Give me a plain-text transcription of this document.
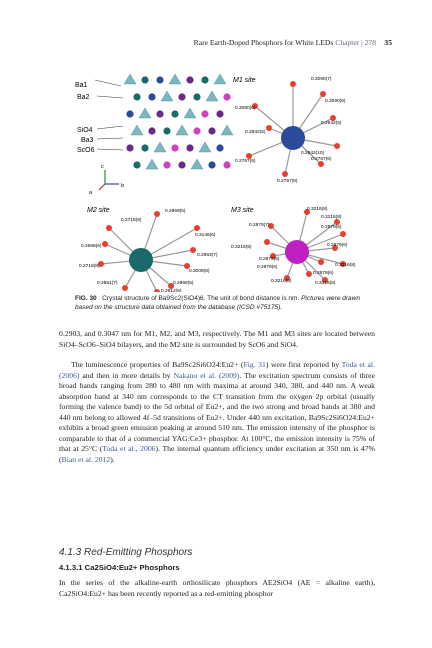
Rare Earth-Doped Phosphors for White LEDs Chapter | 278 35
Ba1
Ba2
SiO4
Ba3
ScO6
c
b
a
M1 site	0.3090(7)
0.3090(6)
0.3090(6)
0.2842(5)
0.2842(5)
0.2767(6)
0.2842(10)
0.2767(6)
0.2767(6)
M2 site	0.2969(5)
0.2718(8)
0.3146(6)
0.2668(6)
0.2963(7)
0.2718(8)
0.3009(8)
0.2581(7)	0.2968(5)
0.2912(5)
M3 site	0.3216(8)
0.2879(7)
0.3216(8)
0.2879(6)
0.3216(8)	0.2879(6)
0.2879(6)
0.2879(6)	0.3216(8)
0.2879(6)
0.3216(8)	0.3216(8)
FIG. 30 Crystal structure of Ba9Sc2(SiO4)6. The unit of bond distance is nm. Pictures were drawn based on the structure data obtained from the database (ICSD #75175).
0.2903, and 0.3047 nm for M1, M2, and M3, respectively. The M1 and M3 sites are located between SiO4–ScO6–SiO4 bilayers, and the M2 site is surrounded by ScO6 and SiO4.
The luminescence properties of Ba9Sc2Si6O24:Eu2+ (Fig. 31) were first reported by Toda et al. (2006) and then in more details by Nakano et al. (2009). The excitation spectrum consists of three broad bands ranging from 280 to 480 nm with maxima at around 340, 380, and 440 nm. A weak absorption band at 340 nm corresponds to the CT transition from the oxygen 2p orbital (usually forming the valence band) to the 5d orbital of Eu2+, and the two strong and broad bands at 380 and 440 nm belong to allowed 4f–5d transitions of Eu2+. Under 440 nm excitation, Ba9Sc2Si6O24:Eu2+ exhibits a broad green emission peaking at around 510 nm. The emission intensity of the phosphor is comparable to that of a commercial YAG:Ce3+ phosphor. At 100°C, the emission intensity is 75% of that at 25°C (Toda et al., 2006). The internal quantum efficiency under excitation at 350 nm is 47% (Bian et al. 2012).
4.1.3 Red-Emitting Phosphors
4.1.3.1 Ca2SiO4:Eu2+ Phosphors
In the series of the alkaline-earth orthosilicate phosphors AE2SiO4 (AE = alkaline earth), Ca2SiO4:Eu2+ has been recently reported as a red-emitting phosphor
